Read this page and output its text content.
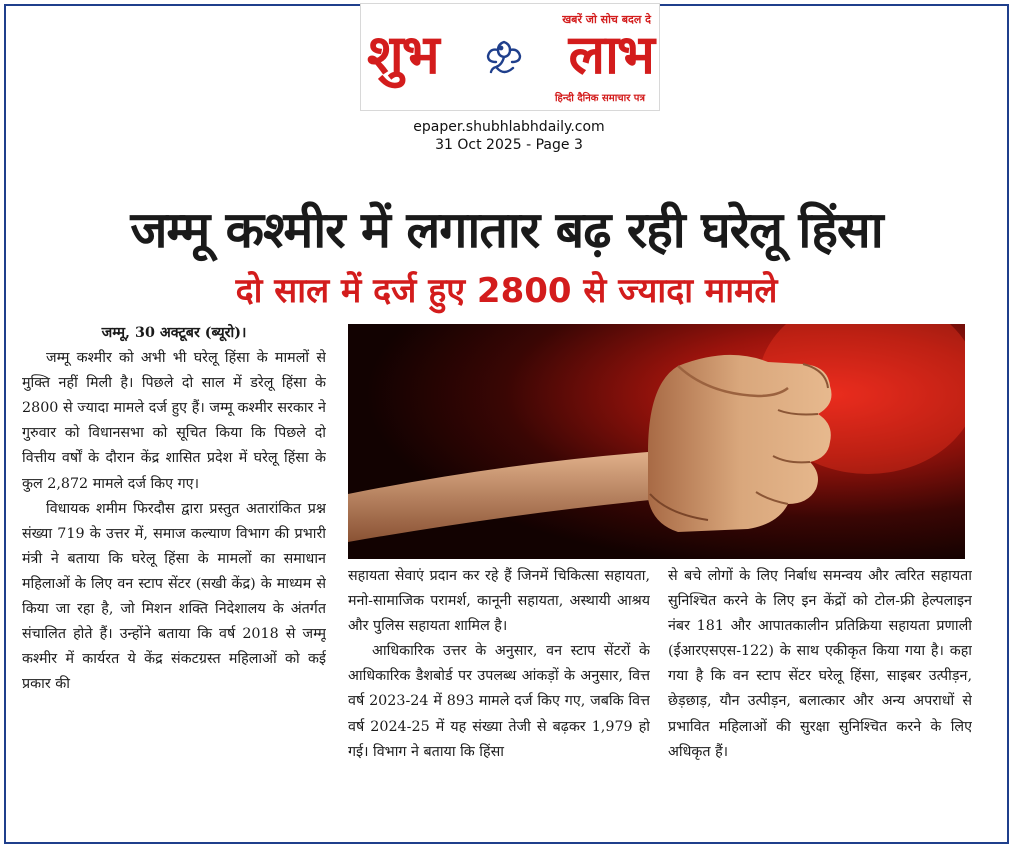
खबरें जो सोच बदल दे
शुभ लाभ
हिन्दी दैनिक समाचार पत्र
epaper.shubhlabhdaily.com
31 Oct 2025 - Page 3
जम्मू कश्मीर में लगातार बढ़ रही घरेलू हिंसा
दो साल में दर्ज हुए 2800 से ज्यादा मामले

जम्मू, 30 अक्टूबर (ब्यूरो)।

जम्मू कश्मीर को अभी भी घरेलू हिंसा के मामलों से मुक्ति नहीं मिली है। पिछले दो साल में डरेलू हिंसा के 2800 से ज्यादा मामले दर्ज हुए हैं। जम्मू कश्मीर सरकार ने गुरुवार को विधानसभा को सूचित किया कि पिछले दो वित्तीय वर्षों के दौरान केंद्र शासित प्रदेश में घरेलू हिंसा के कुल 2,872 मामले दर्ज किए गए।

विधायक शमीम फिरदौस द्वारा प्रस्तुत अतारांकित प्रश्न संख्या 719 के उत्तर में, समाज कल्याण विभाग की प्रभारी मंत्री ने बताया कि घरेलू हिंसा के मामलों का समाधान महिलाओं के लिए वन स्टाप सेंटर (सखी केंद्र) के माध्यम से किया जा रहा है, जो मिशन शक्ति निदेशालय के अंतर्गत संचालित होते हैं। उन्होंने बताया कि वर्ष 2018 से जम्मू कश्मीर में कार्यरत ये केंद्र संकटग्रस्त महिलाओं को कई प्रकार की

सहायता सेवाएं प्रदान कर रहे हैं जिनमें चिकित्सा सहायता, मनो-सामाजिक परामर्श, कानूनी सहायता, अस्थायी आश्रय और पुलिस सहायता शामिल है।

आधिकारिक उत्तर के अनुसार, वन स्टाप सेंटरों के आधिकारिक डैशबोर्ड पर उपलब्ध आंकड़ों के अनुसार, वित्त वर्ष 2023-24 में 893 मामले दर्ज किए गए, जबकि वित्त वर्ष 2024-25 में यह संख्या तेजी से बढ़कर 1,979 हो गई। विभाग ने बताया कि हिंसा

से बचे लोगों के लिए निर्बाध समन्वय और त्वरित सहायता सुनिश्चित करने के लिए इन केंद्रों को टोल-फ्री हेल्पलाइन नंबर 181 और आपातकालीन प्रतिक्रिया सहायता प्रणाली (ईआरएसएस-122) के साथ एकीकृत किया गया है। कहा गया है कि वन स्टाप सेंटर घरेलू हिंसा, साइबर उत्पीड़न, छेड़छाड़, यौन उत्पीड़न, बलात्कार और अन्य अपराधों से प्रभावित महिलाओं की सुरक्षा सुनिश्चित करने के लिए अधिकृत हैं।
